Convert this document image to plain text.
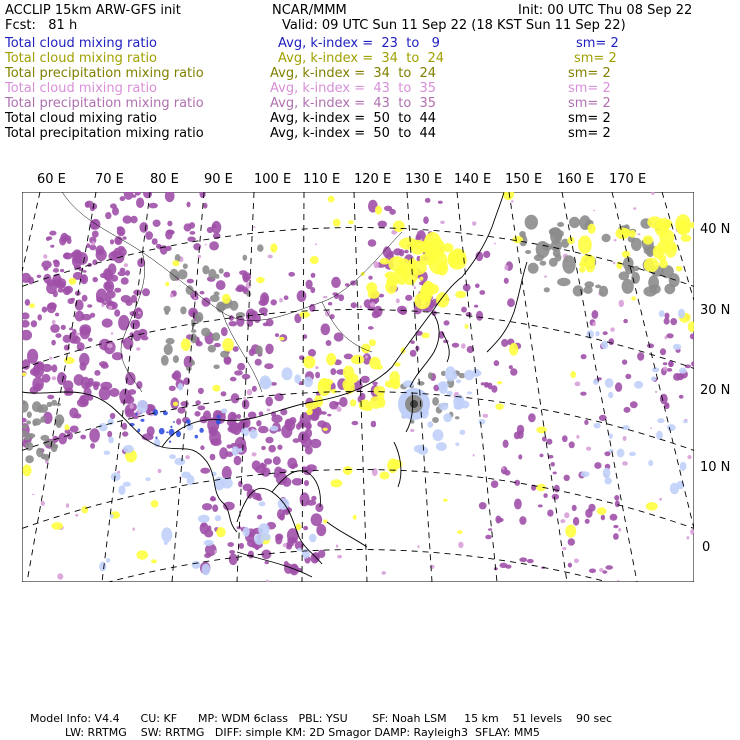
ACCLIP 15km ARW-GFS init	NCAR/MMM	Init: 00 UTC Thu 08 Sep 22
Fcst:   81 h	Valid: 09 UTC Sun 11 Sep 22 (18 KST Sun 11 Sep 22)
Total cloud mixing ratio	Avg, k-index =  23  to   9	sm= 2
Total cloud mixing ratio	Avg, k-index =  34  to  24	sm= 2
Total precipitation mixing ratio	Avg, k-index =  34  to  24	sm= 2
Total cloud mixing ratio	Avg, k-index =  43  to  35	sm= 2
Total precipitation mixing ratio	Avg, k-index =  43  to  35	sm= 2
Total cloud mixing ratio	Avg, k-index =  50  to  44	sm= 2
Total precipitation mixing ratio	Avg, k-index =  50  to  44	sm= 2
60 E 70 E 80 E 90 E 100 E 110 E 120 E 130 E 140 E 150 E 160 E 170 E
40 N
30 N
20 N
10 N
0
Model Info: V4.4      CU: KF      MP: WDM 6class   PBL: YSU       SF: Noah LSM     15 km    51 levels    90 sec
LW: RRTMG    SW: RRTMG   DIFF: simple KM: 2D Smagor DAMP: Rayleigh3  SFLAY: MM5
